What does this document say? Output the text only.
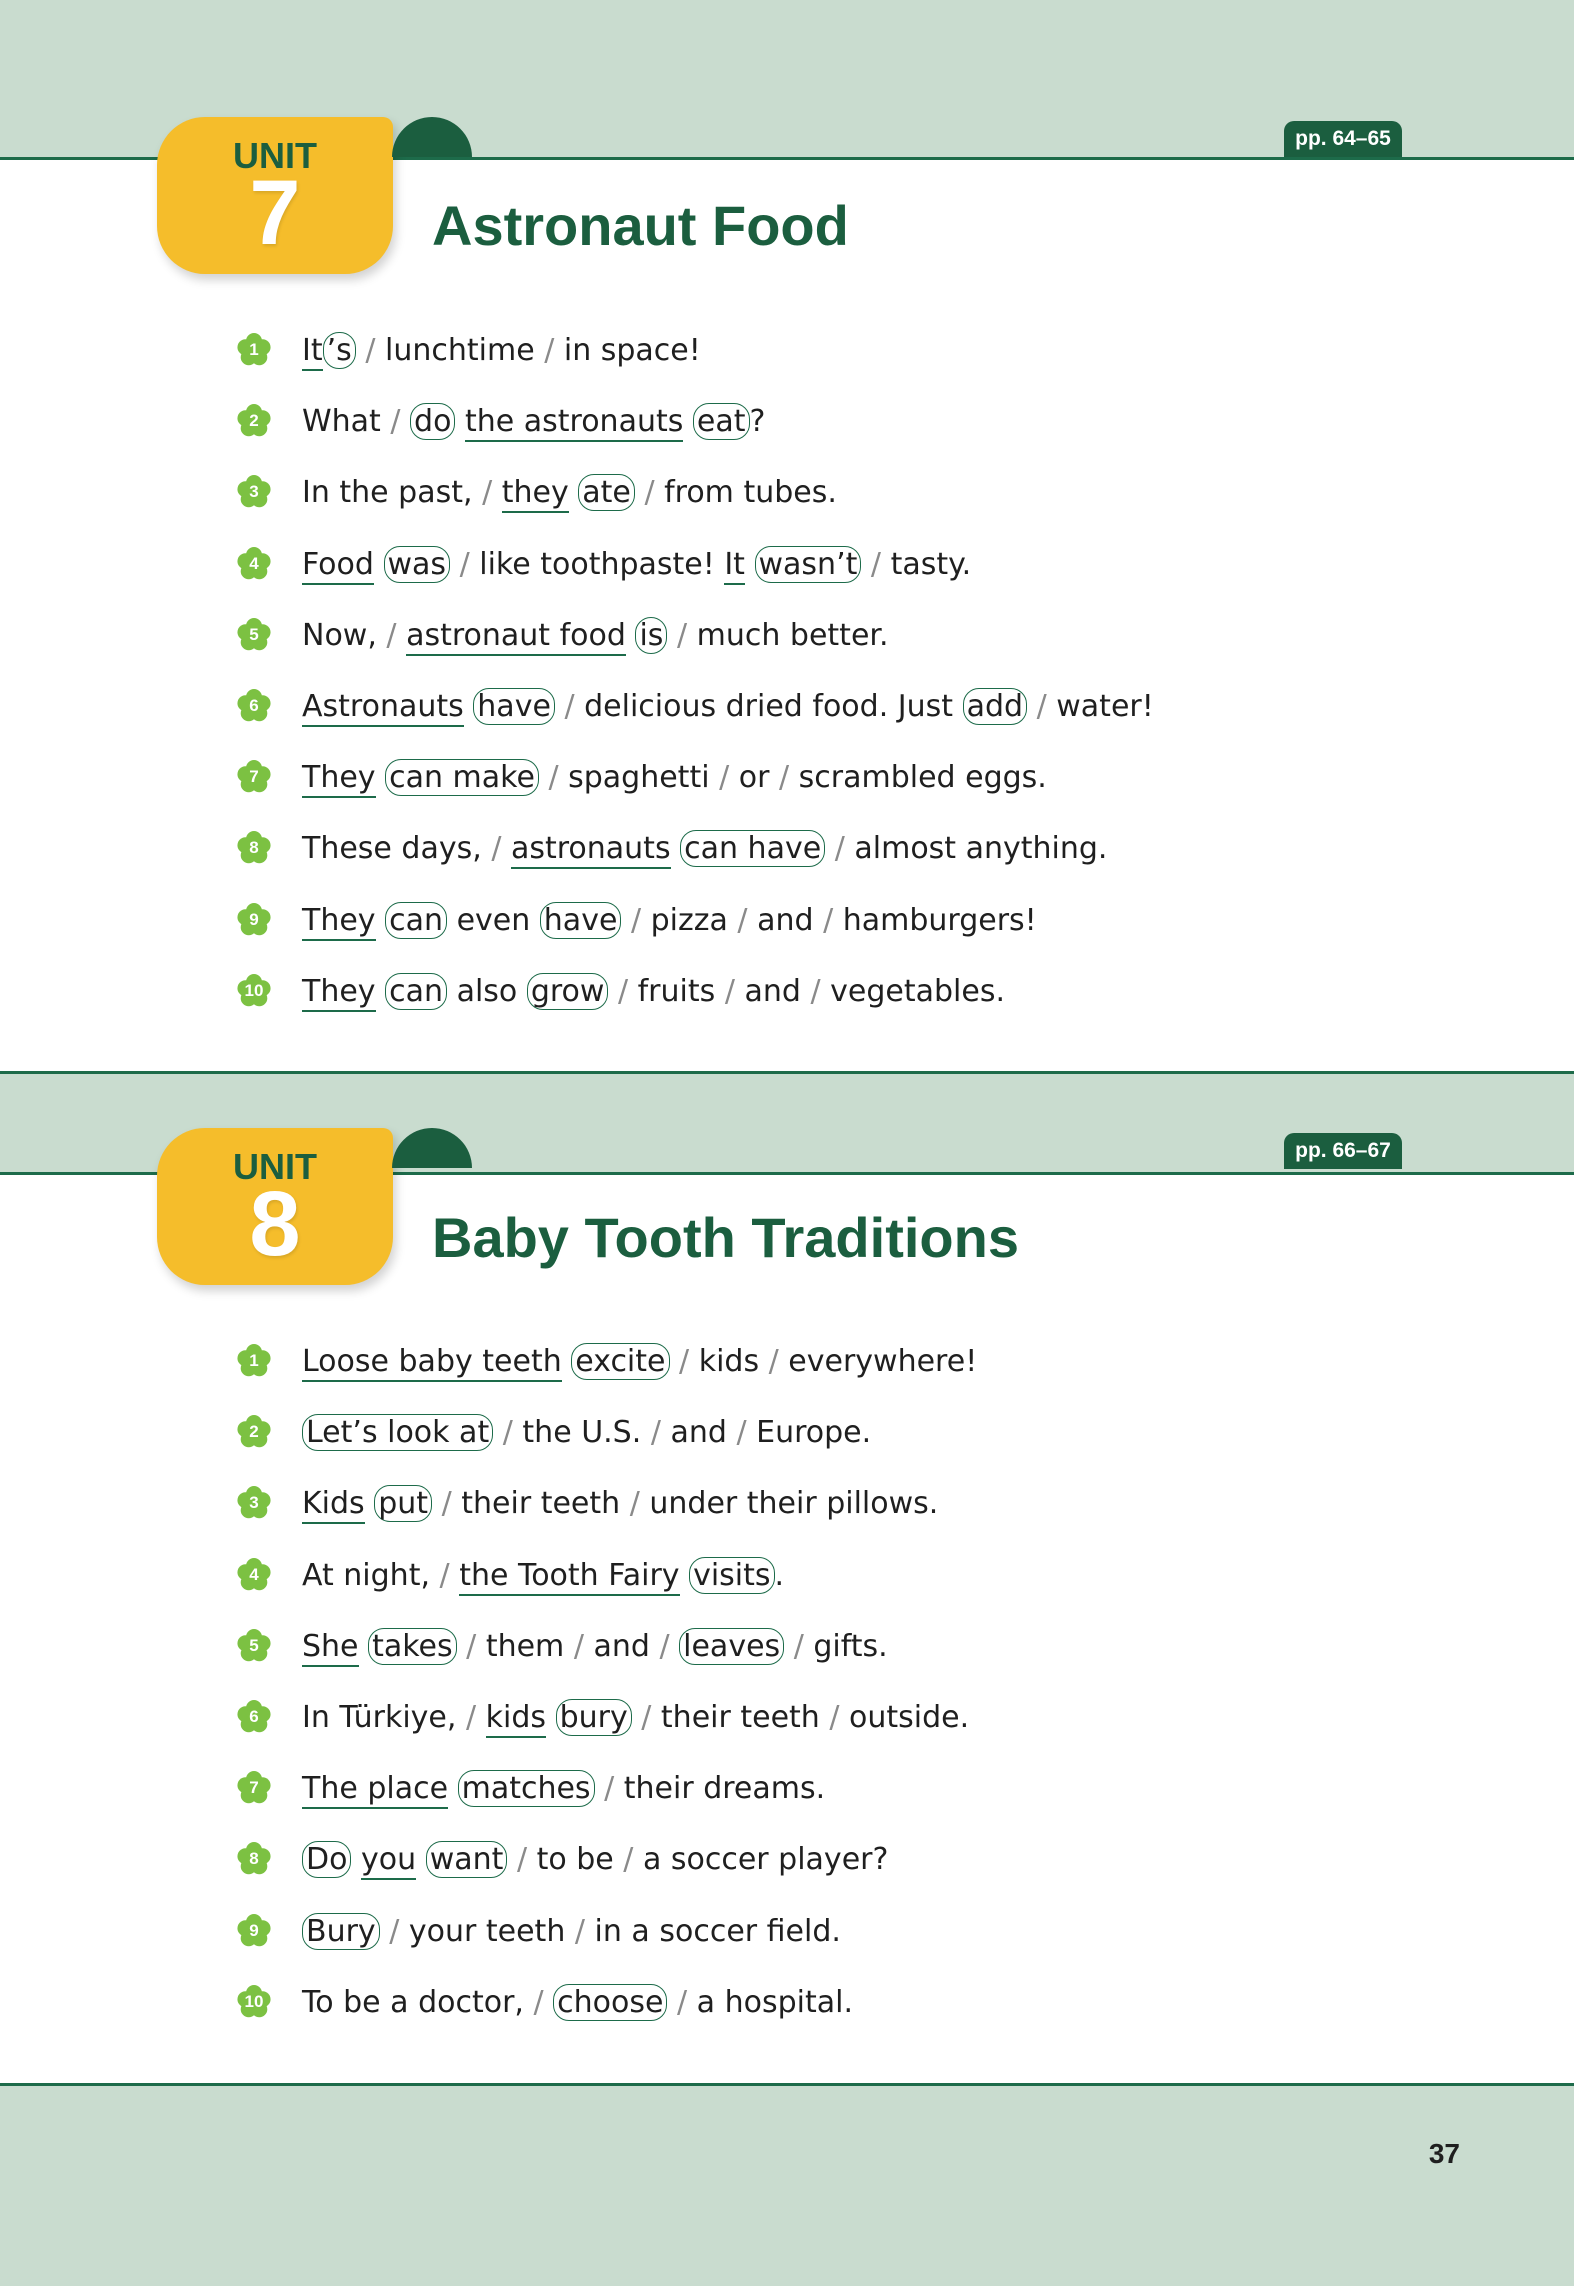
UNIT
7
pp. 64–65
Astronaut Food
1	It ’s / lunchtime / in space!
2	What / do the astronauts eat ?
3	In the past, / they ate / from tubes.
4	Food was / like toothpaste! It wasn’t / tasty.
5	Now, / astronaut food is / much better.
6	Astronauts have / delicious dried food. Just add / water!
7	They can make / spaghetti / or / scrambled eggs.
8	These days, / astronauts can have / almost anything.
9	They can even have / pizza / and / hamburgers!
10 They can also grow / fruits / and / vegetables.
UNIT
8
pp. 66–67
Baby Tooth Traditions
1	Loose baby teeth excite / kids / everywhere!
2	Let’s look at / the U.S. / and / Europe.
3	Kids put / their teeth / under their pillows.
4	At night, / the Tooth Fairy visits .
5	She takes / them / and / leaves / gifts.
6	In Türkiye, / kids bury / their teeth / outside.
7	The place matches / their dreams.
8	Do you want / to be / a soccer player?
9	Bury / your teeth / in a soccer field.
10 To be a doctor, / choose / a hospital.
37
